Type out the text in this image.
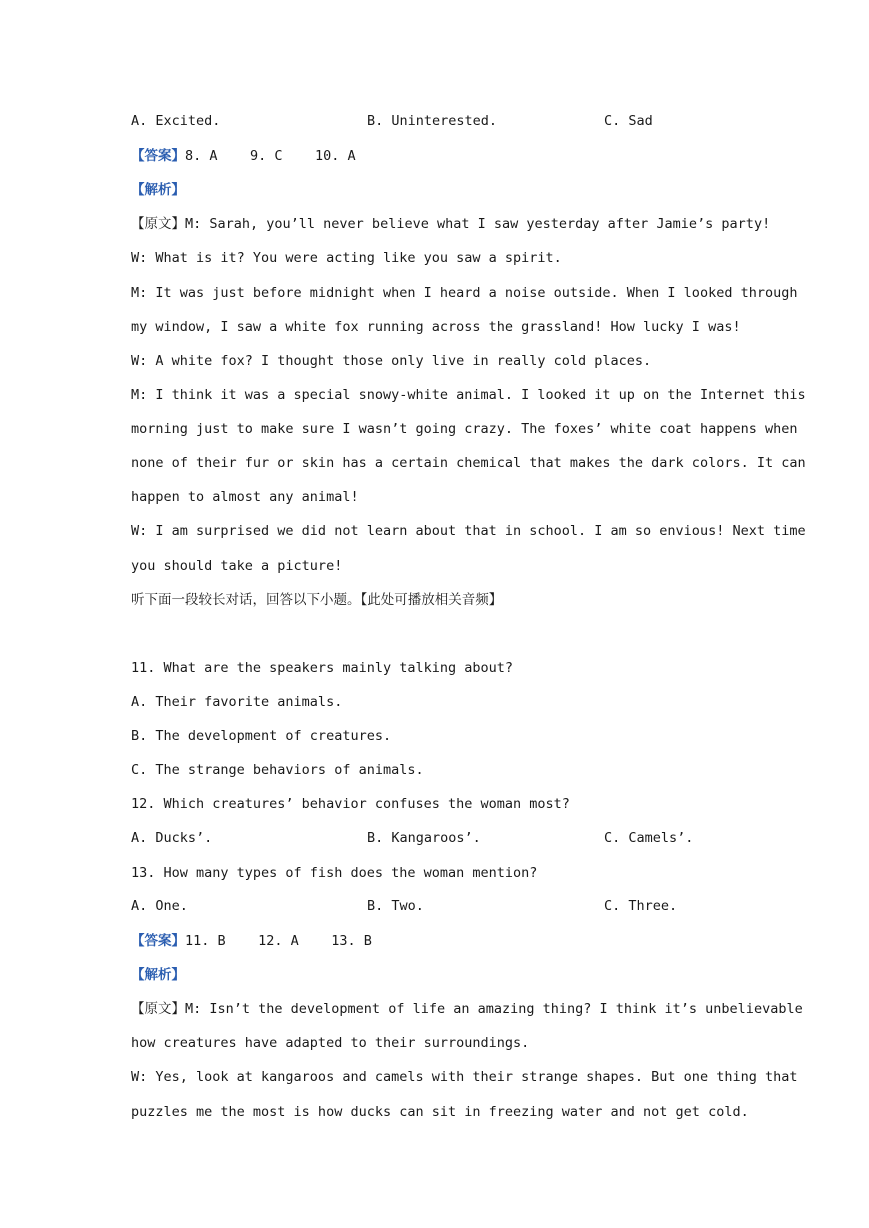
A. Excited.	B. Uninterested.	C. Sad
【答案】8. A    9. C    10. A
【解析】
【原文】M: Sarah, you’ll never believe what I saw yesterday after Jamie’s party!
W: What is it? You were acting like you saw a spirit.
M: It was just before midnight when I heard a noise outside. When I looked through
my window, I saw a white fox running across the grassland! How lucky I was!
W: A white fox? I thought those only live in really cold places.
M: I think it was a special snowy-white animal. I looked it up on the Internet this
morning just to make sure I wasn’t going crazy. The foxes’ white coat happens when
none of their fur or skin has a certain chemical that makes the dark colors. It can
happen to almost any animal!
W: I am surprised we did not learn about that in school. I am so envious! Next time
you should take a picture!
听下面一段较长对话，回答以下小题。【此处可播放相关音频】
11. What are the speakers mainly talking about?
A. Their favorite animals.
B. The development of creatures.
C. The strange behaviors of animals.
12. Which creatures’ behavior confuses the woman most?
A. Ducks’.	B. Kangaroos’.	C. Camels’.
13. How many types of fish does the woman mention?
A. One.	B. Two.	C. Three.
【答案】11. B    12. A    13. B
【解析】
【原文】M: Isn’t the development of life an amazing thing? I think it’s unbelievable
how creatures have adapted to their surroundings.
W: Yes, look at kangaroos and camels with their strange shapes. But one thing that
puzzles me the most is how ducks can sit in freezing water and not get cold.
